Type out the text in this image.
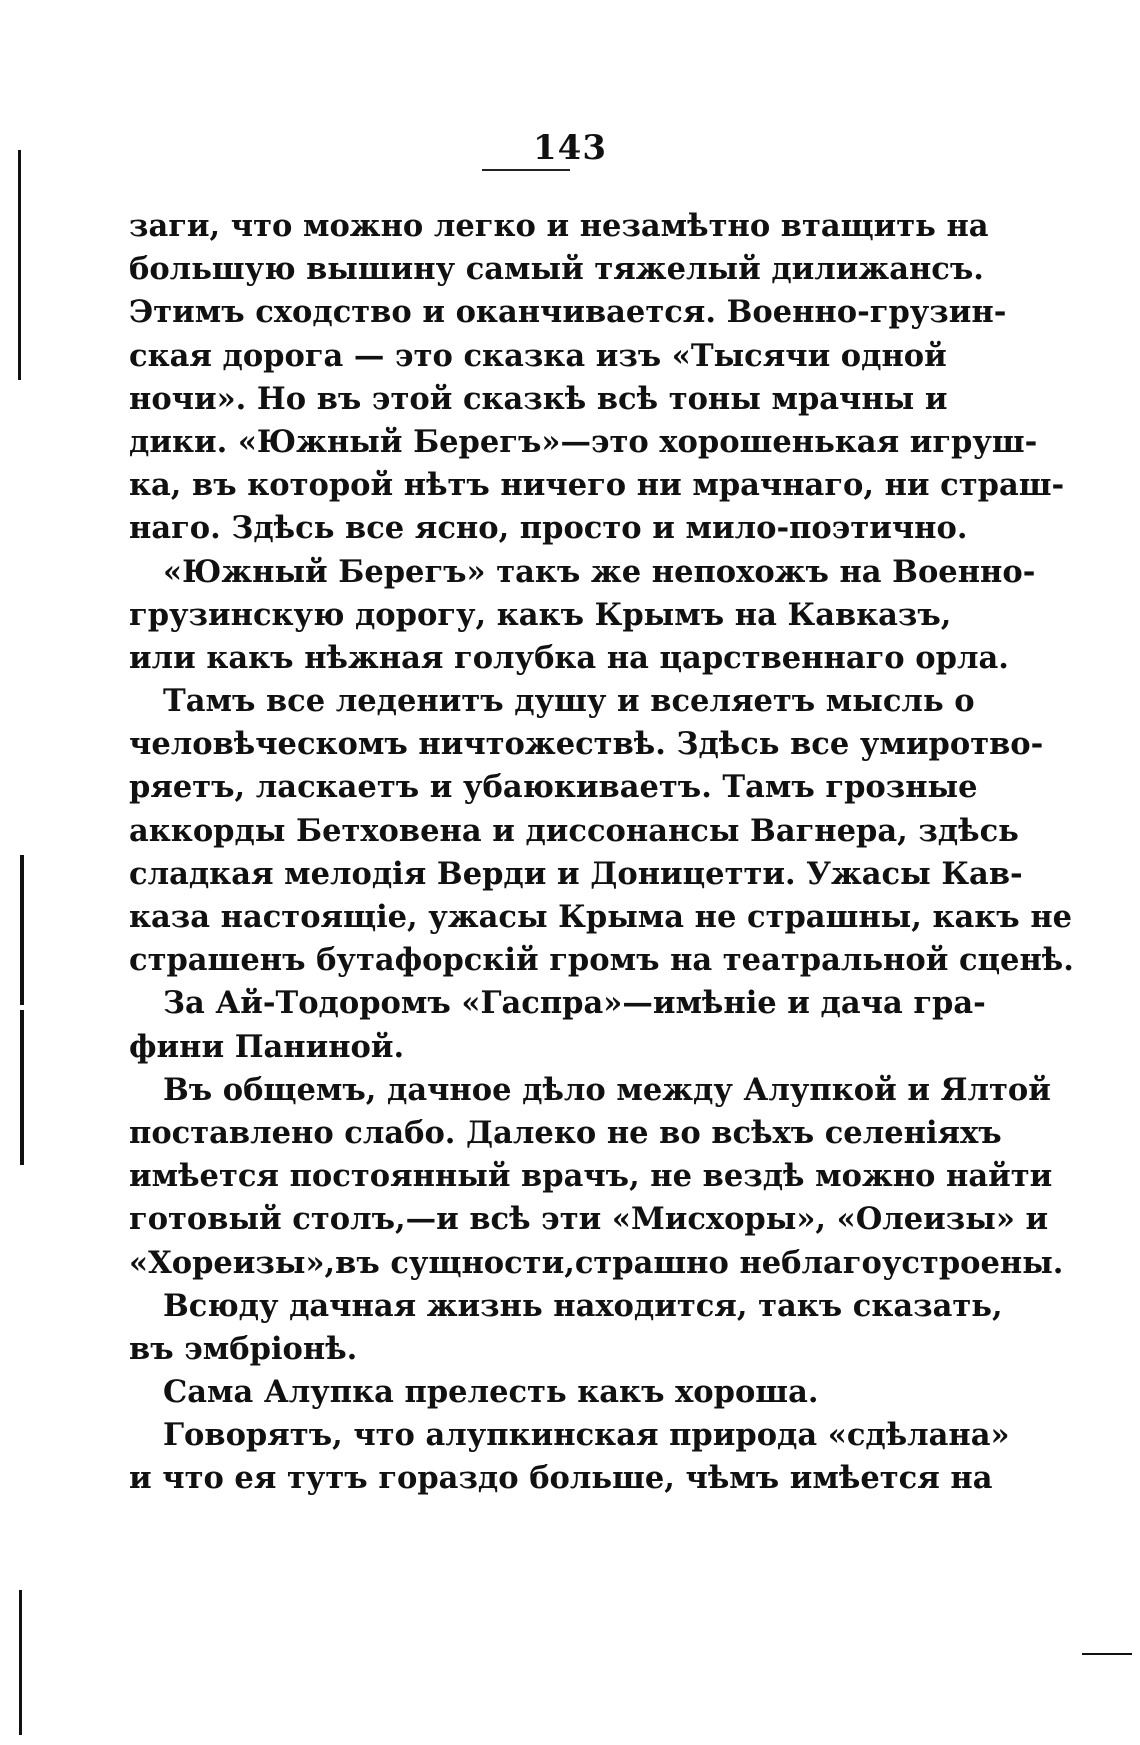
143
заги, что можно легко и незамѣтно втащить на
большую вышину самый тяжелый дилижансъ.
Этимъ сходство и оканчивается. Военно-грузин-
ская дорога — это сказка изъ «Тысячи одной
ночи». Но въ этой сказкѣ всѣ тоны мрачны и
дики. «Южный Берегъ»—это хорошенькая игруш-
ка, въ которой нѣтъ ничего ни мрачнаго, ни страш-
наго. Здѣсь все ясно, просто и мило-поэтично.
«Южный Берегъ» такъ же непохожъ на Военно-
грузинскую дорогу, какъ Крымъ на Кавказъ,
или какъ нѣжная голубка на царственнаго орла.
Тамъ все леденитъ душу и вселяетъ мысль о
человѣческомъ ничтожествѣ. Здѣсь все умиротво-
ряетъ, ласкаетъ и убаюкиваетъ. Тамъ грозные
аккорды Бетховена и диссонансы Вагнера, здѣсь
сладкая мелодія Верди и Доницетти. Ужасы Кав-
каза настоящіе, ужасы Крыма не страшны, какъ не
страшенъ бутафорскій громъ на театральной сценѣ.
За Ай-Тодоромъ «Гаспра»—имѣніе и дача гра-
фини Паниной.
Въ общемъ, дачное дѣло между Алупкой и Ялтой
поставлено слабо. Далеко не во всѣхъ селеніяхъ
имѣется постоянный врачъ, не вездѣ можно найти
готовый столъ,—и всѣ эти «Мисхоры», «Олеизы» и
«Хореизы»,въ сущности,страшно неблагоустроены.
Всюду дачная жизнь находится, такъ сказать,
въ эмбріонѣ.
Сама Алупка прелесть какъ хороша.
Говорятъ, что алупкинская природа «сдѣлана»
и что ея тутъ гораздо больше, чѣмъ имѣется на
